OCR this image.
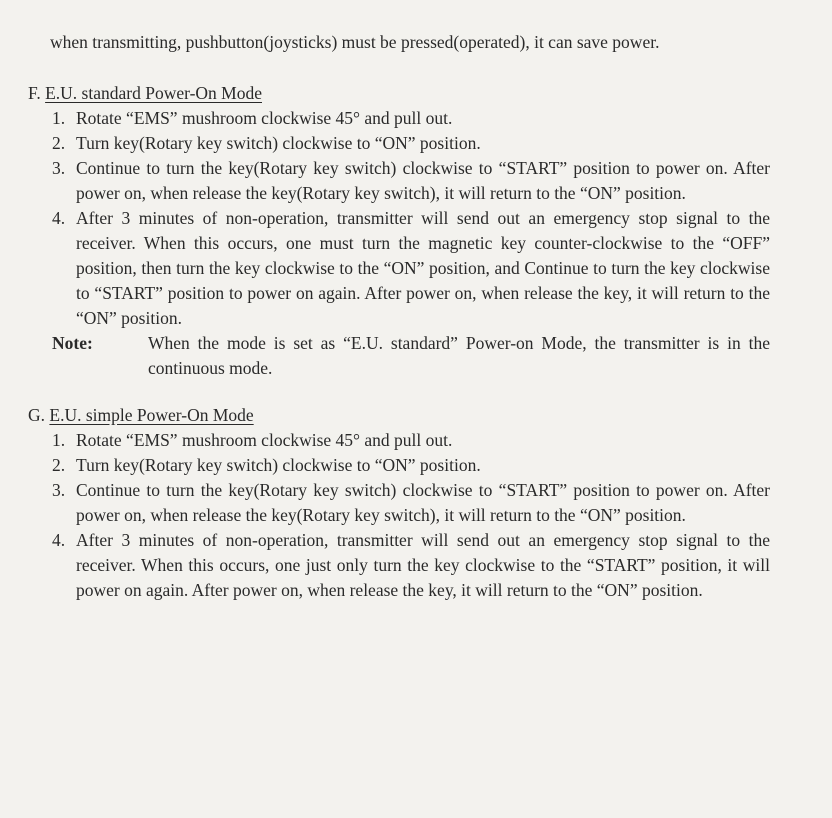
when transmitting, pushbutton(joysticks) must be pressed(operated), it can save power.

F. E.U. standard Power-On Mode

1. Rotate “EMS” mushroom clockwise 45° and pull out.
2. Turn key(Rotary key switch) clockwise to “ON” position.
3. Continue to turn the key(Rotary key switch) clockwise to “START” position to power on. After power on, when release the key(Rotary key switch), it will return to the “ON” position.
4. After 3 minutes of non-operation, transmitter will send out an emergency stop signal to the receiver. When this occurs, one must turn the magnetic key counter-clockwise to the “OFF” position, then turn the key clockwise to the “ON” position, and Continue to turn the key clockwise to “START” position to power on again. After power on, when release the key, it will return to the “ON” position.
Note:	When the mode is set as “E.U. standard” Power-on Mode, the transmitter is in the continuous mode.

G. E.U. simple Power-On Mode

1. Rotate “EMS” mushroom clockwise 45° and pull out.
2. Turn key(Rotary key switch) clockwise to “ON” position.
3. Continue to turn the key(Rotary key switch) clockwise to “START” position to power on. After power on, when release the key(Rotary key switch), it will return to the “ON” position.
4. After 3 minutes of non-operation, transmitter will send out an emergency stop signal to the receiver. When this occurs, one just only turn the key clockwise to the “START” position, it will power on again. After power on, when release the key, it will return to the “ON” position.
